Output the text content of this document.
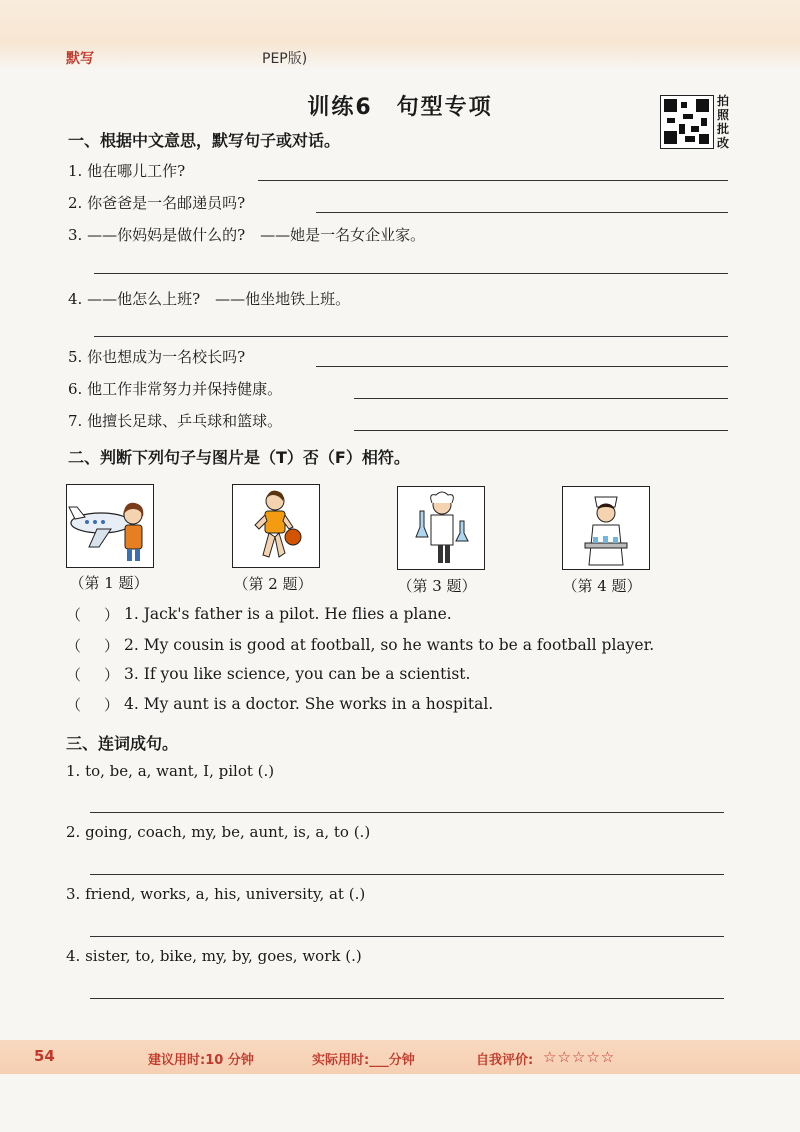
默写	PEP版)
训练6　句型专项	拍照批改
一、根据中文意思，默写句子或对话。
1. 他在哪儿工作?
2. 你爸爸是一名邮递员吗?
3. ——你妈妈是做什么的?　——她是一名女企业家。
4. ——他怎么上班?　——他坐地铁上班。
5. 你也想成为一名校长吗?
6. 他工作非常努力并保持健康。
7. 他擅长足球、乒乓球和篮球。
二、判断下列句子与图片是（T）否（F）相符。
（第 1 题）	（第 2 题）	（第 3 题）	（第 4 题）
（ ） 1. Jack's father is a pilot. He flies a plane.
（ ） 2. My cousin is good at football, so he wants to be a football player.
（ ） 3. If you like science, you can be a scientist.
（ ） 4. My aunt is a doctor. She works in a hospital.
三、连词成句。
1. to, be, a, want, I, pilot (.)
2. going, coach, my, be, aunt, is, a, to (.)
3. friend, works, a, his, university, at (.)
4. sister, to, bike, my, by, goes, work (.)
54	建议用时:10 分钟	实际用时:___分钟	自我评价: ☆☆☆☆☆
